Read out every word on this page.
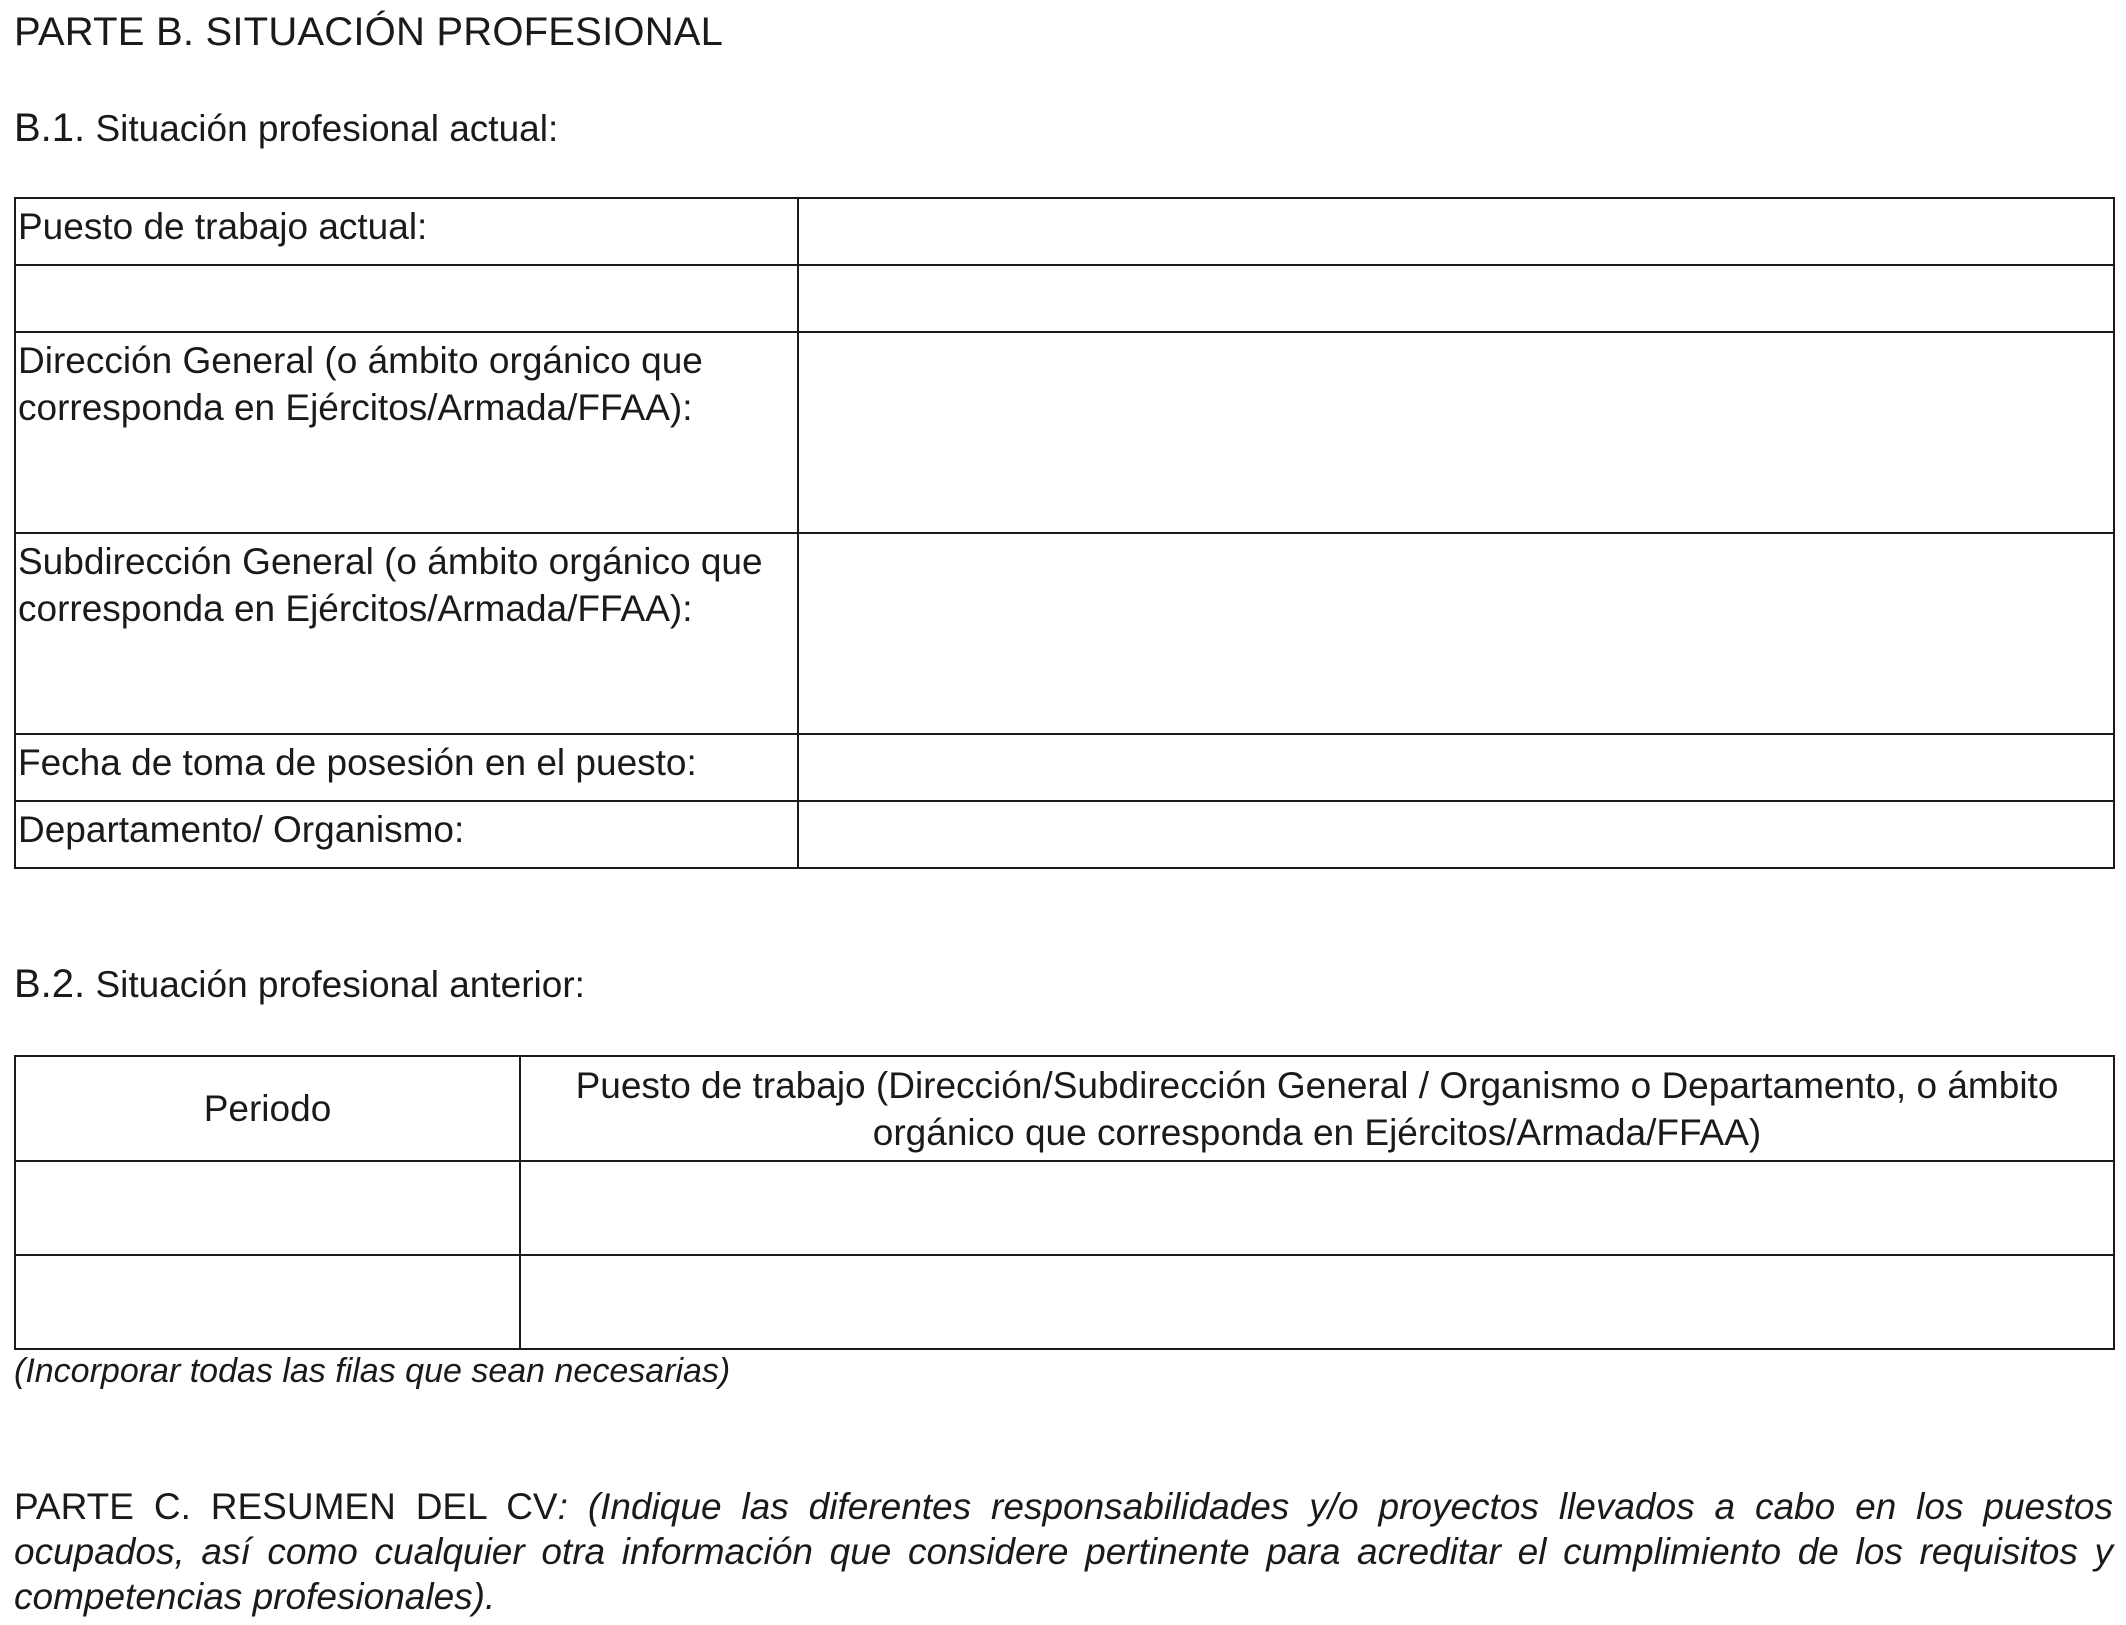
PARTE B. SITUACIÓN PROFESIONAL
B.1. Situación profesional actual:
Puesto de trabajo actual:	

Dirección General (o ámbito orgánico que corresponda en Ejércitos/Armada/FFAA):	
Subdirección General (o ámbito orgánico que corresponda en Ejércitos/Armada/FFAA):	
Fecha de toma de posesión en el puesto:	
Departamento/ Organismo:	
B.2. Situación profesional anterior:
Periodo	Puesto de trabajo (Dirección/Subdirección General / Organismo o Departamento, o ámbito orgánico que corresponda en Ejércitos/Armada/FFAA)

(Incorporar todas las filas que sean necesarias)
PARTE C. RESUMEN DEL CV: (Indique las diferentes responsabilidades y/o proyectos llevados a cabo en los puestos ocupados, así como cualquier otra información que considere pertinente para acreditar el cumplimiento de los requisitos y competencias profesionales).
